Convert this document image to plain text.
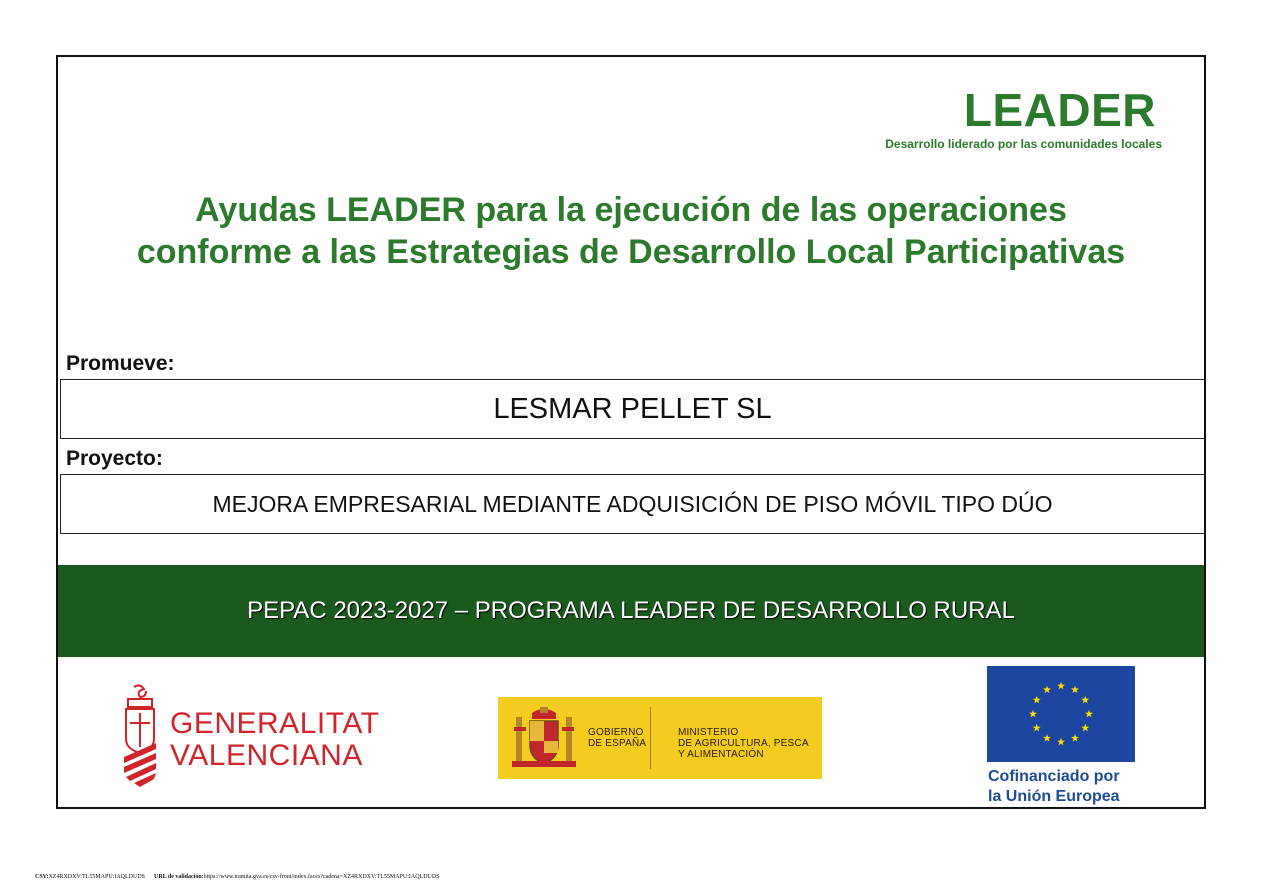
LEADER

Desarrollo liderado por las comunidades locales

Ayudas LEADER para la ejecución de las operaciones
conforme a las Estrategias de Desarrollo Local Participativas

Promueve:

LESMAR PELLET SL

Proyecto:

MEJORA EMPRESARIAL MEDIANTE ADQUISICIÓN DE PISO MÓVIL TIPO DÚO
PEPAC 2023-2027 – PROGRAMA LEADER DE DESARROLLO RURAL
GENERALITAT
VALENCIANA
GOBIERNO
DE ESPAÑA
MINISTERIO
DE AGRICULTURA, PESCA
Y ALIMENTACIÓN

Cofinanciado por
la Unión Europea

CSV:XZ4RXDXV:TL55MAPU:IAQLDUDS URL de validación:https://www.tramita.gva.es/csv-front/index.faces?cadena=XZ4RXDXV:TL55MAPU:IAQLDUDS
